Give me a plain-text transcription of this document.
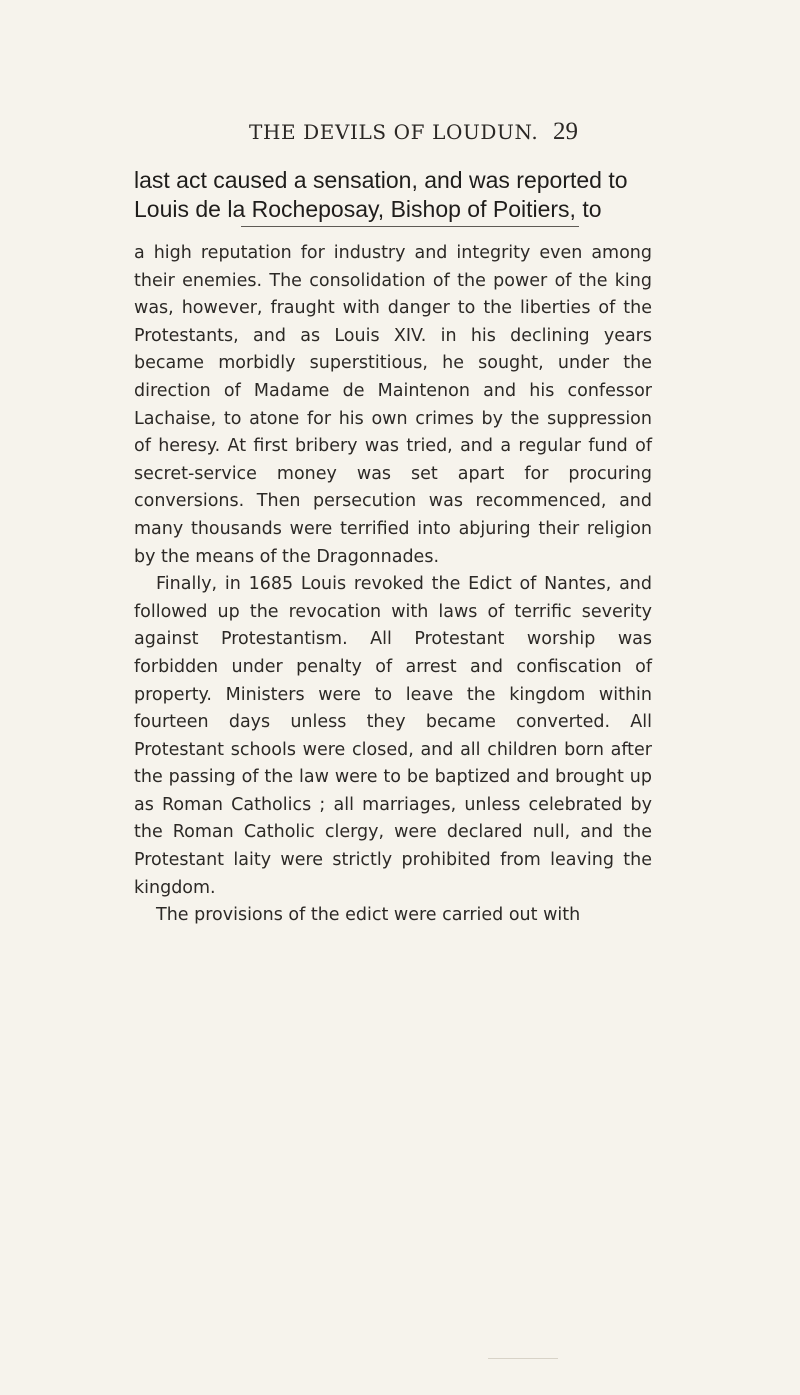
THE DEVILS OF LOUDUN. 29
last act caused a sensation, and was reported to
Louis de la Rocheposay, Bishop of Poitiers, to

a high reputation for industry and integrity even among their enemies. The consolidation of the power of the king was, however, fraught with danger to the liberties of the Protestants, and as Louis XIV. in his declining years became morbidly superstitious, he sought, under the direction of Madame de Maintenon and his confessor Lachaise, to atone for his own crimes by the suppression of heresy. At first bribery was tried, and a regular fund of secret-service money was set apart for procuring conversions. Then persecution was recommenced, and many thousands were terrified into abjuring their religion by the means of the Dragonnades.

Finally, in 1685 Louis revoked the Edict of Nantes, and followed up the revocation with laws of terrific severity against Protestantism. All Protestant worship was forbidden under penalty of arrest and confiscation of property. Ministers were to leave the kingdom within fourteen days unless they became converted. All Protestant schools were closed, and all children born after the passing of the law were to be baptized and brought up as Roman Catholics ; all marriages, unless celebrated by the Roman Catholic clergy, were declared null, and the Protestant laity were strictly prohibited from leaving the kingdom.

The provisions of the edict were carried out with
